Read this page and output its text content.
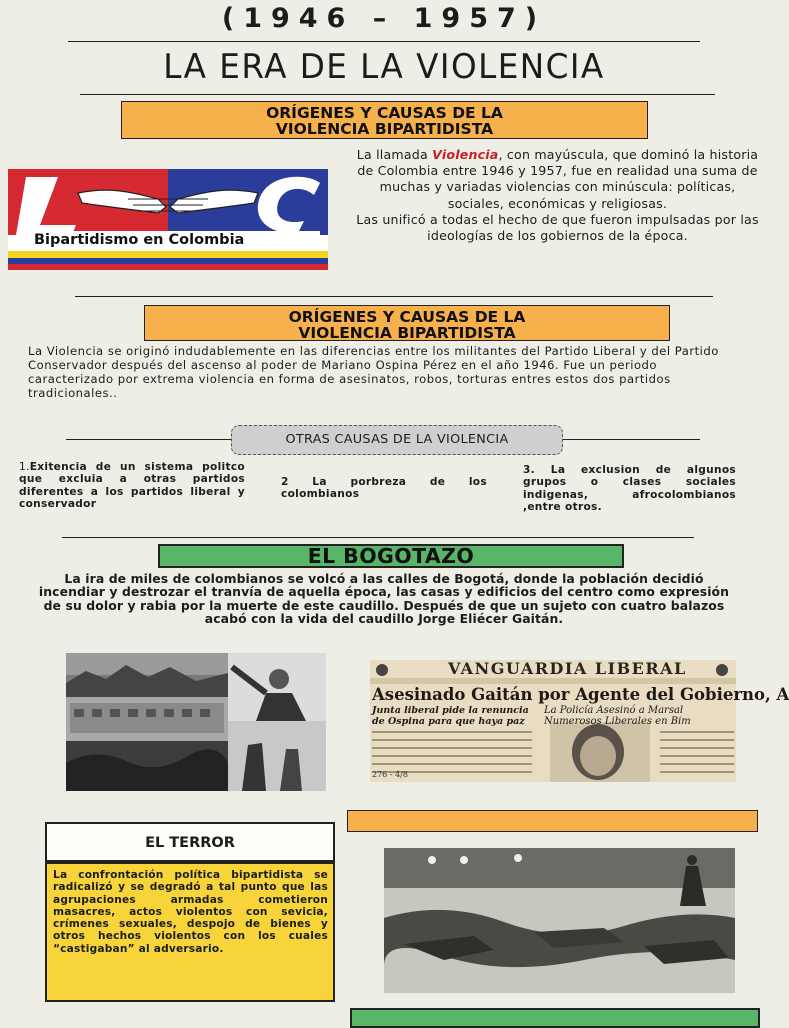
(1946 – 1957)
LA ERA DE LA VIOLENCIA
ORÍGENES Y CAUSAS DE LA
VIOLENCIA BIPARTIDISTA
Bipartidismo en Colombia
La llamada Violencia, con mayúscula, que dominó la historia de Colombia entre 1946 y 1957, fue en realidad una suma de muchas y variadas violencias con minúscula: políticas, sociales, económicas y religiosas.
Las unificó a todas el hecho de que fueron impulsadas por las ideologías de los gobiernos de la época.
ORÍGENES Y CAUSAS DE LA
VIOLENCIA BIPARTIDISTA
La Violencia se originó indudablemente en las diferencias entre los militantes del Partido Liberal y del Partido Conservador después del ascenso al poder de Mariano Ospina Pérez en el año 1946. Fue un periodo caracterizado por extrema violencia en forma de asesinatos, robos, torturas entres estos dos partidos tradicionales..
OTRAS CAUSAS DE LA VIOLENCIA
1.Exitencia de un sistema politco que excluia a otras partidos diferentes a los partidos liberal y conservador
2 La porbreza de los colombianos
3. La exclusion de algunos grupos o clases sociales indigenas, afrocolombianos ,entre otros.
EL BOGOTAZO
La ira de miles de colombianos se volcó a las calles de Bogotá, donde la población decidió incendiar y destrozar el tranvía de aquella época, las casas y edificios del centro como expresión de su dolor y rabia por la muerte de este caudillo. Después de que un sujeto con cuatro balazos acabó con la vida del caudillo Jorge Eliécer Gaitán.
VANGUARDIA LIBERAL
Asesinado Gaitán por Agente del Gobierno, A
Junta liberal pide la renuncia
de Ospina para que haya paz
La Policía Asesinó a Marsal
Numerosos Liberales en Bim
276 - 4/8
EL TERROR
La confrontación política bipartidista se radicalizó y se degradó a tal punto que las agrupaciones armadas cometieron masacres, actos violentos con sevicia, crímenes sexuales, despojo de bienes y otros hechos violentos con los cuales “castigaban” al adversario.
